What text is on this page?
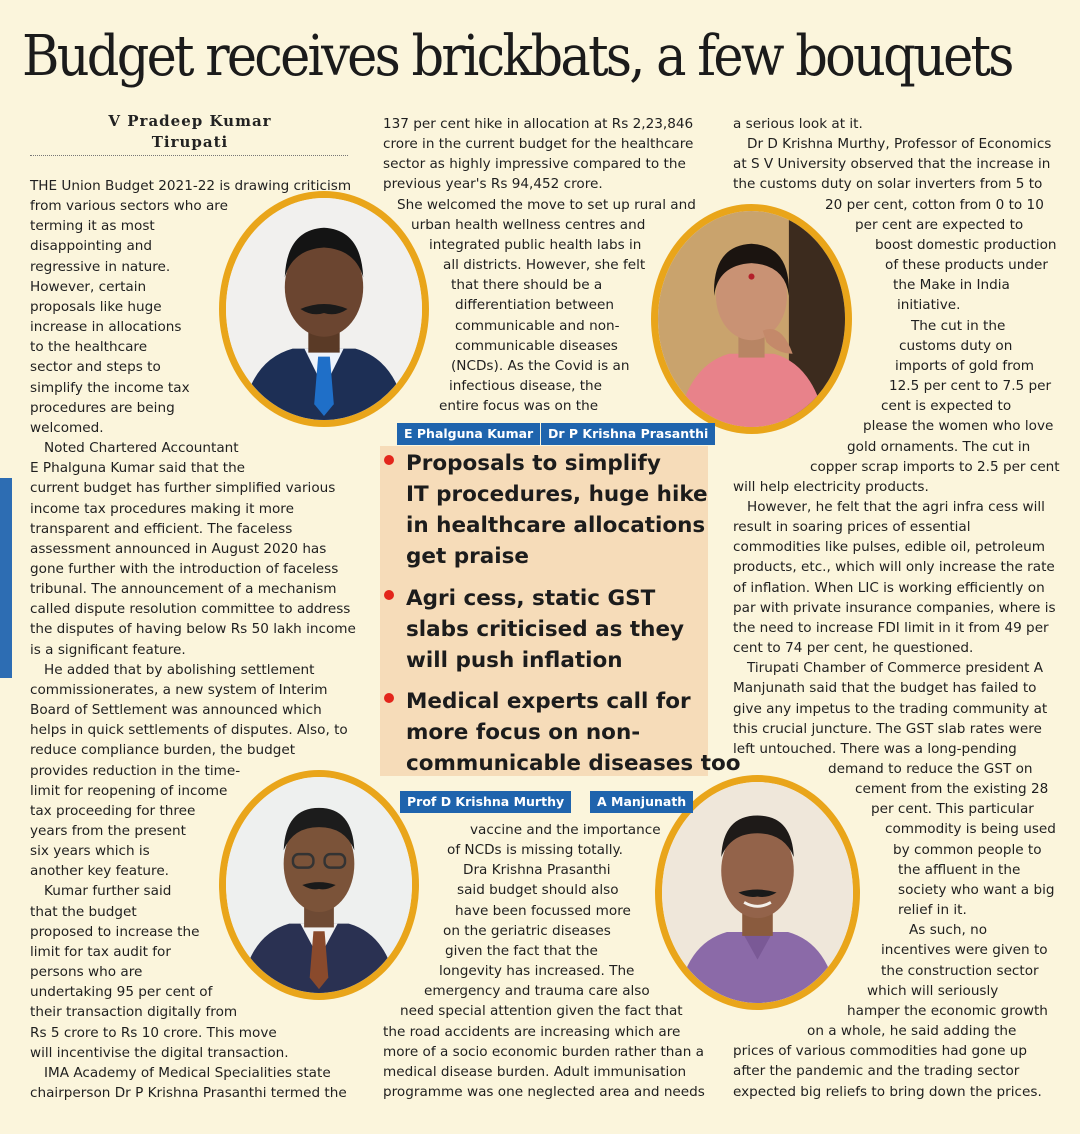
Budget receives brickbats, a few bouquets
V Pradeep Kumar
Tirupati

THE Union Budget 2021-22 is drawing criticism

from various sectors who are

terming it as most

disappointing and

regressive in nature.

However, certain

proposals like huge

increase in allocations

to the healthcare

sector and steps to

simplify the income tax

procedures are being

welcomed.

Noted Chartered Accountant

E Phalguna Kumar said that the

current budget has further simplified various

income tax procedures making it more

transparent and efficient. The faceless

assessment announced in August 2020 has

gone further with the introduction of faceless

tribunal. The announcement of a mechanism

called dispute resolution committee to address

the disputes of having below Rs 50 lakh income

is a significant feature.

He added that by abolishing settlement

commissionerates, a new system of Interim

Board of Settlement was announced which

helps in quick settlements of disputes. Also, to

reduce compliance burden, the budget

provides reduction in the time-

limit for reopening of income

tax proceeding for three

years from the present

six years which is

another key feature.

Kumar further said

that the budget

proposed to increase the

limit for tax audit for

persons who are

undertaking 95 per cent of

their transaction digitally from

Rs 5 crore to Rs 10 crore. This move

will incentivise the digital transaction.

IMA Academy of Medical Specialities state

chairperson Dr P Krishna Prasanthi termed the

137 per cent hike in allocation at Rs 2,23,846

crore in the current budget for the healthcare

sector as highly impressive compared to the

previous year's Rs 94,452 crore.

She welcomed the move to set up rural and

urban health wellness centres and

integrated public health labs in

all districts. However, she felt

that there should be a

differentiation between

communicable and non-

communicable diseases

(NCDs). As the Covid is an

infectious disease, the

entire focus was on the

vaccine and the importance

of NCDs is missing totally.

Dra Krishna Prasanthi

said budget should also

have been focussed more

on the geriatric diseases

given the fact that the

longevity has increased. The

emergency and trauma care also

need special attention given the fact that

the road accidents are increasing which are

more of a socio economic burden rather than a

medical disease burden. Adult immunisation

programme was one neglected area and needs

a serious look at it.

Dr D Krishna Murthy, Professor of Economics

at S V University observed that the increase in

the customs duty on solar inverters from 5 to

20 per cent, cotton from 0 to 10

per cent are expected to

boost domestic production

of these products under

the Make in India

initiative.

The cut in the

customs duty on

imports of gold from

12.5 per cent to 7.5 per

cent is expected to

please the women who love

gold ornaments. The cut in

copper scrap imports to 2.5 per cent

will help electricity products.

However, he felt that the agri infra cess will

result in soaring prices of essential

commodities like pulses, edible oil, petroleum

products, etc., which will only increase the rate

of inflation. When LIC is working efficiently on

par with private insurance companies, where is

the need to increase FDI limit in it from 49 per

cent to 74 per cent, he questioned.

Tirupati Chamber of Commerce president A

Manjunath said that the budget has failed to

give any impetus to the trading community at

this crucial juncture. The GST slab rates were

left untouched. There was a long-pending

demand to reduce the GST on

cement from the existing 28

per cent. This particular

commodity is being used

by common people to

the affluent in the

society who want a big

relief in it.

As such, no

incentives were given to

the construction sector

which will seriously

hamper the economic growth

on a whole, he said adding the

prices of various commodities had gone up

after the pandemic and the trading sector

expected big reliefs to bring down the prices.

Proposals to simplify

IT procedures, huge hike

in healthcare allocations

get praise

Agri cess, static GST

slabs criticised as they

will push inflation

Medical experts call for

more focus on non-

communicable diseases too

E Phalguna Kumar	Dr P Krishna Prasanthi
Prof D Krishna Murthy	A Manjunath
